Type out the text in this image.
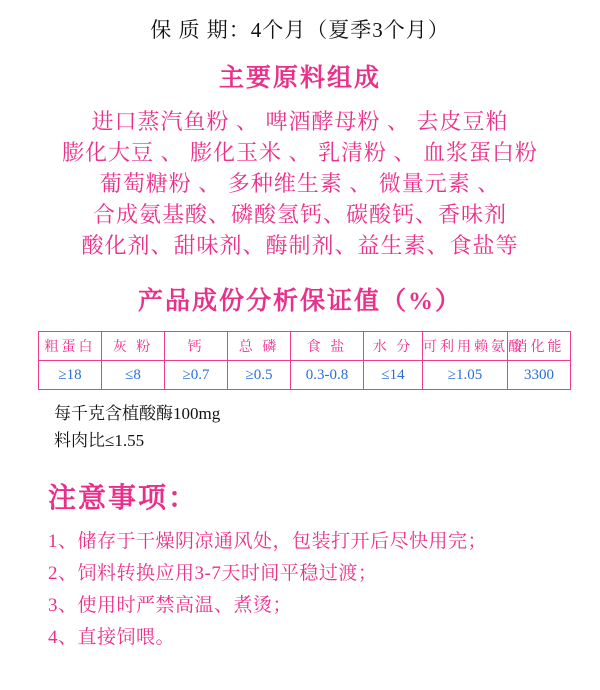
保 质 期：4个月（夏季3个月）
主要原料组成
进口蒸汽鱼粉 、 啤酒酵母粉 、 去皮豆粕
膨化大豆 、 膨化玉米 、 乳清粉 、 血浆蛋白粉
葡萄糖粉 、 多种维生素 、 微量元素 、
合成氨基酸、磷酸氢钙、碳酸钙、香味剂
酸化剂、甜味剂、酶制剂、益生素、食盐等
产品成份分析保证值（%）
粗蛋白	灰 粉	钙	总 磷	食 盐	水 分	可利用赖氨酸	消化能
≥18	≤8	≥0.7	≥0.5	0.3-0.8	≤14	≥1.05	3300
每千克含植酸酶100mg
料肉比≤1.55
注意事项：
1、储存于干燥阴凉通风处，包装打开后尽快用完；
2、饲料转换应用3-7天时间平稳过渡；
3、使用时严禁高温、煮烫；
4、直接饲喂。
